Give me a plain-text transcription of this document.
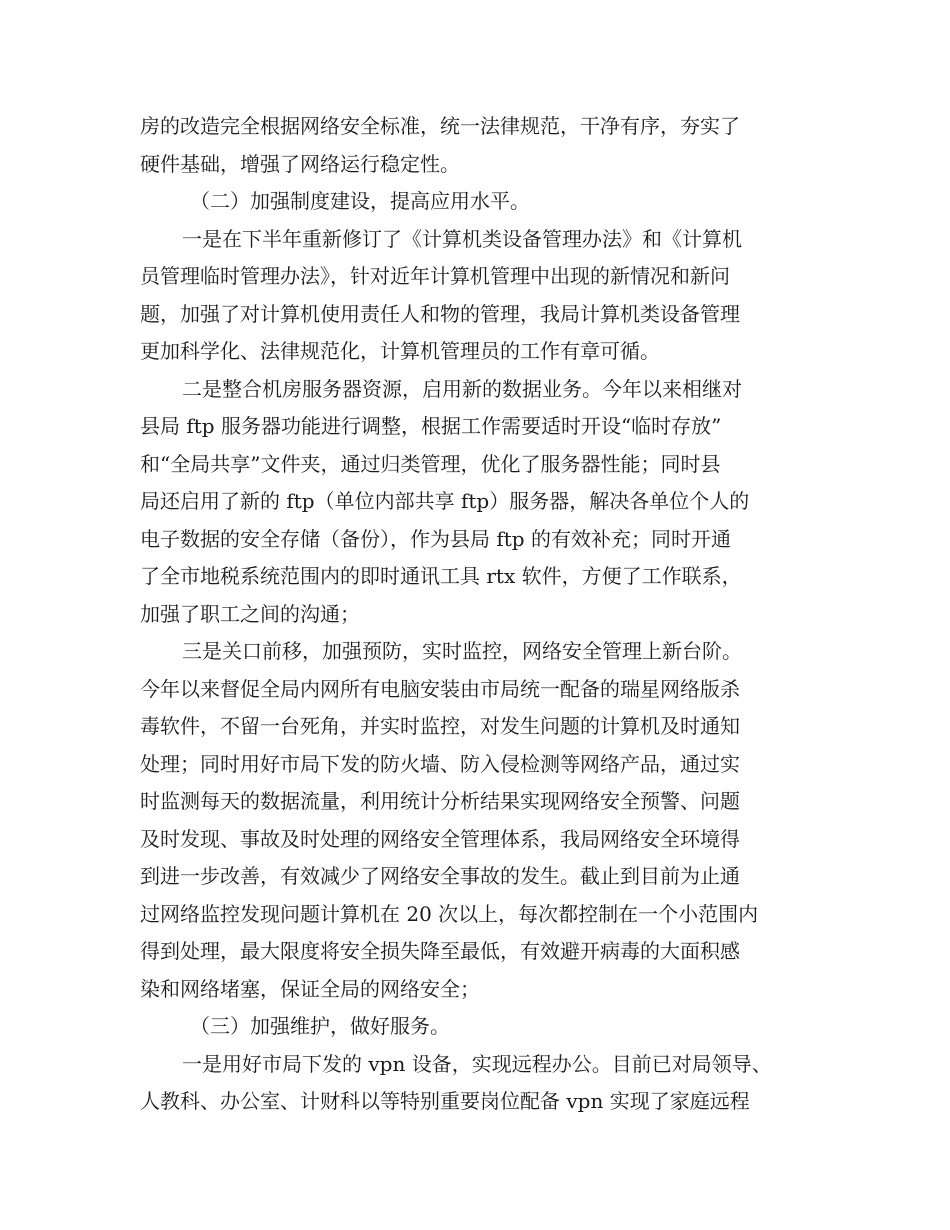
房的改造完全根据网络安全标准，统一法律规范，干净有序，夯实了
硬件基础，增强了网络运行稳定性。
（二）加强制度建设，提高应用水平。
一是在下半年重新修订了《计算机类设备管理办法》和《计算机
员管理临时管理办法》，针对近年计算机管理中出现的新情况和新问
题，加强了对计算机使用责任人和物的管理，我局计算机类设备管理
更加科学化、法律规范化，计算机管理员的工作有章可循。
二是整合机房服务器资源，启用新的数据业务。今年以来相继对
县局 ftp 服务器功能进行调整，根据工作需要适时开设“临时存放”
和“全局共享”文件夹，通过归类管理，优化了服务器性能；同时县
局还启用了新的 ftp（单位内部共享 ftp）服务器，解决各单位个人的
电子数据的安全存储（备份），作为县局 ftp 的有效补充；同时开通
了全市地税系统范围内的即时通讯工具 rtx 软件，方便了工作联系，
加强了职工之间的沟通；
三是关口前移，加强预防，实时监控，网络安全管理上新台阶。
今年以来督促全局内网所有电脑安装由市局统一配备的瑞星网络版杀
毒软件，不留一台死角，并实时监控，对发生问题的计算机及时通知
处理；同时用好市局下发的防火墙、防入侵检测等网络产品，通过实
时监测每天的数据流量，利用统计分析结果实现网络安全预警、问题
及时发现、事故及时处理的网络安全管理体系，我局网络安全环境得
到进一步改善，有效减少了网络安全事故的发生。截止到目前为止通
过网络监控发现问题计算机在 20 次以上，每次都控制在一个小范围内
得到处理，最大限度将安全损失降至最低，有效避开病毒的大面积感
染和网络堵塞，保证全局的网络安全；
（三）加强维护，做好服务。
一是用好市局下发的 vpn 设备，实现远程办公。目前已对局领导、
人教科、办公室、计财科以等特别重要岗位配备 vpn 实现了家庭远程
